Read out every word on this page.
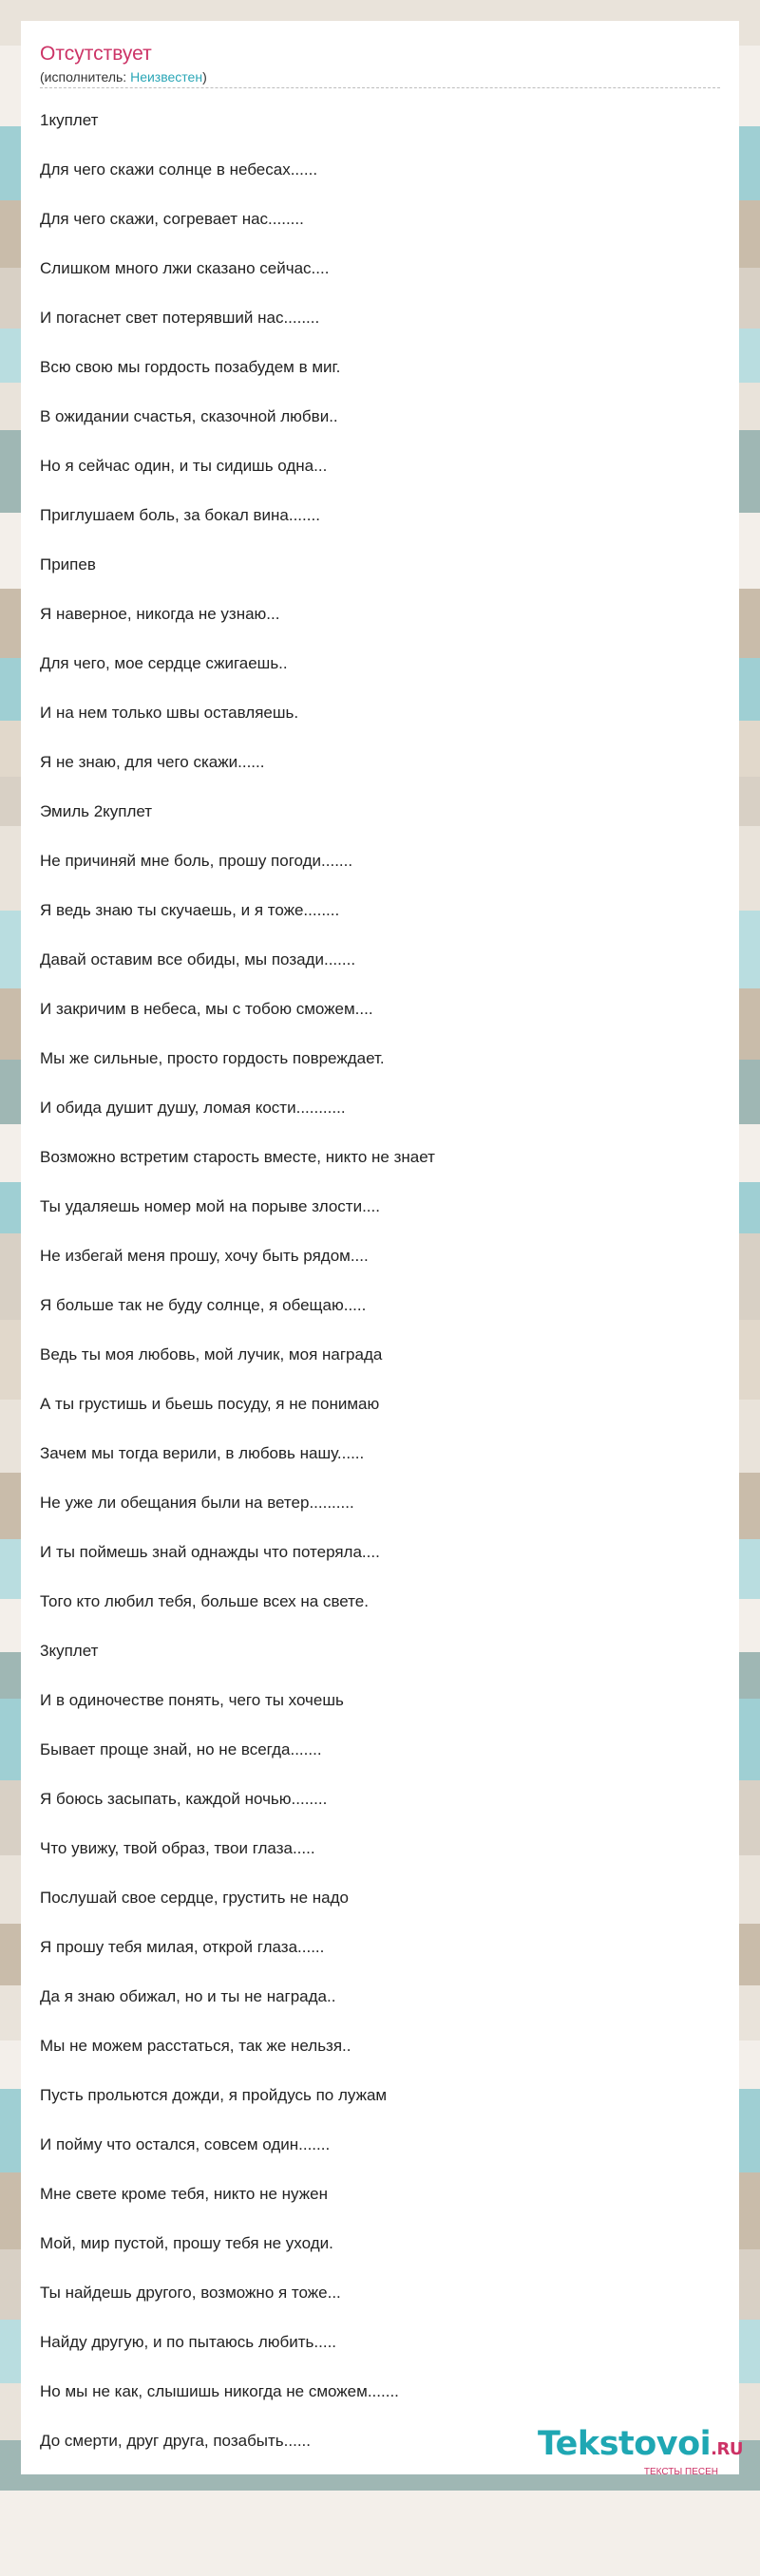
Отсутствует
(исполнитель: Неизвестен)
1куплет
Для чего скажи солнце в небесах......
Для чего скажи, согревает нас........
Слишком много лжи сказано сейчас....
И погаснет свет потерявший нас........
Всю свою мы гордость позабудем в миг.
В ожидании счастья, сказочной любви..
Но я сейчас один, и ты сидишь одна...
Приглушаем боль, за бокал вина.......
Припев
Я наверное, никогда не узнаю...
Для чего, мое сердце сжигаешь..
И на нем только швы оставляешь.
Я не знаю, для чего скажи......
Эмиль 2куплет
Не причиняй мне боль, прошу погоди.......
Я ведь знаю ты скучаешь, и я тоже........
Давай оставим все обиды, мы позади.......
И закричим в небеса, мы с тобою сможем....
Мы же сильные, просто гордость повреждает.
И обида душит душу, ломая кости...........
Возможно встретим старость вместе, никто не знает
Ты удаляешь номер мой на порыве злости....
Не избегай меня прошу, хочу быть рядом....
Я больше так не буду солнце, я обещаю.....
Ведь ты моя любовь, мой лучик, моя награда
А ты грустишь и бьешь посуду, я не понимаю
Зачем мы тогда верили, в любовь нашу......
Не уже ли обещания были на ветер..........
И ты поймешь знай однажды что потеряла....
Того кто любил тебя, больше всех на свете.
3куплет
И в одиночестве понять, чего ты хочешь
Бывает проще знай, но не всегда.......
Я боюсь засыпать, каждой ночью........
Что увижу, твой образ, твои глаза.....
Послушай свое сердце, грустить не надо
Я прошу тебя милая, открой глаза......
Да я знаю обижал, но и ты не награда..
Мы не можем расстаться, так же нельзя..
Пусть прольются дожди, я пройдусь по лужам
И пойму что остался, совсем один.......
Мне свете кроме тебя, никто не нужен
Мой, мир пустой, прошу тебя не уходи.
Ты найдешь другого, возможно я тоже...
Найду другую, и по пытаюсь любить.....
Но мы не как, слышишь никогда не сможем.......
До смерти, друг друга, позабыть......	Tekstovoi.RU
ТЕКСТЫ ПЕСЕН
